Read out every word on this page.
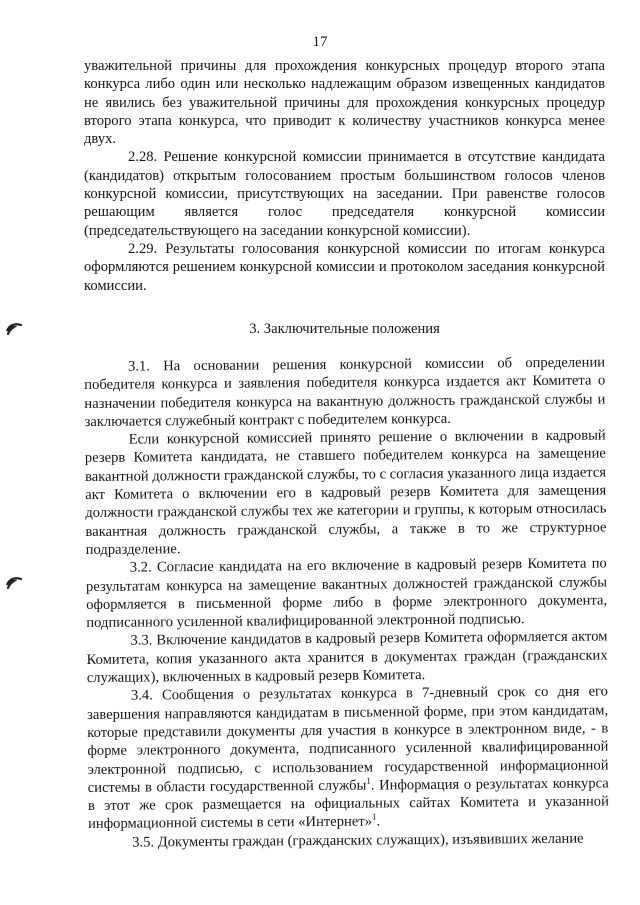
17

уважительной причины для прохождения конкурсных процедур второго этапа конкурса либо один или несколько надлежащим образом извещенных кандидатов не явились без уважительной причины для прохождения конкурсных процедур второго этапа конкурса, что приводит к количеству участников конкурса менее двух.

2.28. Решение конкурсной комиссии принимается в отсутствие кандидата (кандидатов) открытым голосованием простым большинством голосов членов конкурсной комиссии, присутствующих на заседании. При равенстве голосов решающим является голос председателя конкурсной комиссии (председательствующего на заседании конкурсной комиссии).

2.29. Результаты голосования конкурсной комиссии по итогам конкурса оформляются решением конкурсной комиссии и протоколом заседания конкурсной комиссии.

3. Заключительные положения

3.1. На основании решения конкурсной комиссии об определении победителя конкурса и заявления победителя конкурса издается акт Комитета о назначении победителя конкурса на вакантную должность гражданской службы и заключается служебный контракт с победителем конкурса.

Если конкурсной комиссией принято решение о включении в кадровый резерв Комитета кандидата, не ставшего победителем конкурса на замещение вакантной должности гражданской службы, то с согласия указанного лица издается акт Комитета о включении его в кадровый резерв Комитета для замещения должности гражданской службы тех же категории и группы, к которым относилась вакантная должность гражданской службы, а также в то же структурное подразделение.

3.2. Согласие кандидата на его включение в кадровый резерв Комитета по результатам конкурса на замещение вакантных должностей гражданской службы оформляется в письменной форме либо в форме электронного документа, подписанного усиленной квалифицированной электронной подписью.

3.3. Включение кандидатов в кадровый резерв Комитета оформляется актом Комитета, копия указанного акта хранится в документах граждан (гражданских служащих), включенных в кадровый резерв Комитета.

3.4. Сообщения о результатах конкурса в 7-дневный срок со дня его завершения направляются кандидатам в письменной форме, при этом кандидатам, которые представили документы для участия в конкурсе в электронном виде, - в форме электронного документа, подписанного усиленной квалифицированной электронной подписью, с использованием государственной информационной системы в области государственной службы$^1$. Информация о результатах конкурса в этот же срок размещается на официальных сайтах Комитета и указанной информационной системы в сети «Интернет»$^1$.

3.5. Документы граждан (гражданских служащих), изъявивших желание
